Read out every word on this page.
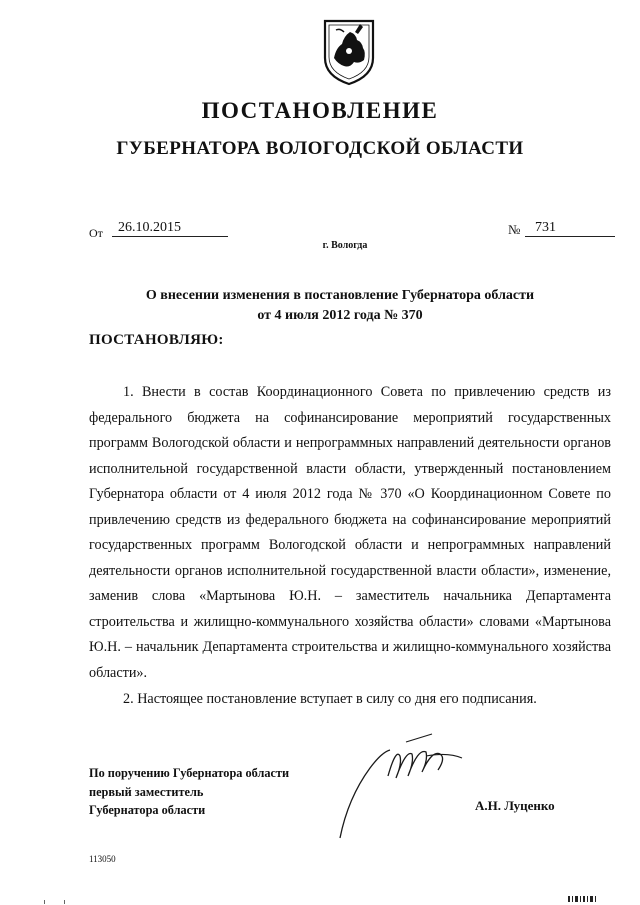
ПОСТАНОВЛЕНИЕ
ГУБЕРНАТОРА ВОЛОГОДСКОЙ ОБЛАСТИ
От	26.10.2015	№	731
г. Вологда
О внесении изменения в постановление Губернатора области
от 4 июля 2012 года № 370
ПОСТАНОВЛЯЮ:

1. Внести в состав Координационного Совета по привлечению средств из федерального бюджета на софинансирование мероприятий государственных программ Вологодской области и непрограммных направлений деятельности органов исполнительной государственной власти области, утвержденный постановлением Губернатора области от 4 июля 2012 года № 370 «О Координационном Совете по привлечению средств из федерального бюджета на софинансирование мероприятий государственных программ Вологодской области и непрограммных направлений деятельности органов исполнительной государственной власти области», изменение, заменив слова «Мартынова Ю.Н. – заместитель начальника Департамента строительства и жилищно-коммунального хозяйства области» словами «Мартынова Ю.Н. – начальник Департамента строительства и жилищно-коммунального хозяйства области».

2. Настоящее постановление вступает в силу со дня его подписания.

По поручению Губернатора области
первый заместитель
Губернатора области	А.Н. Луценко
113050
